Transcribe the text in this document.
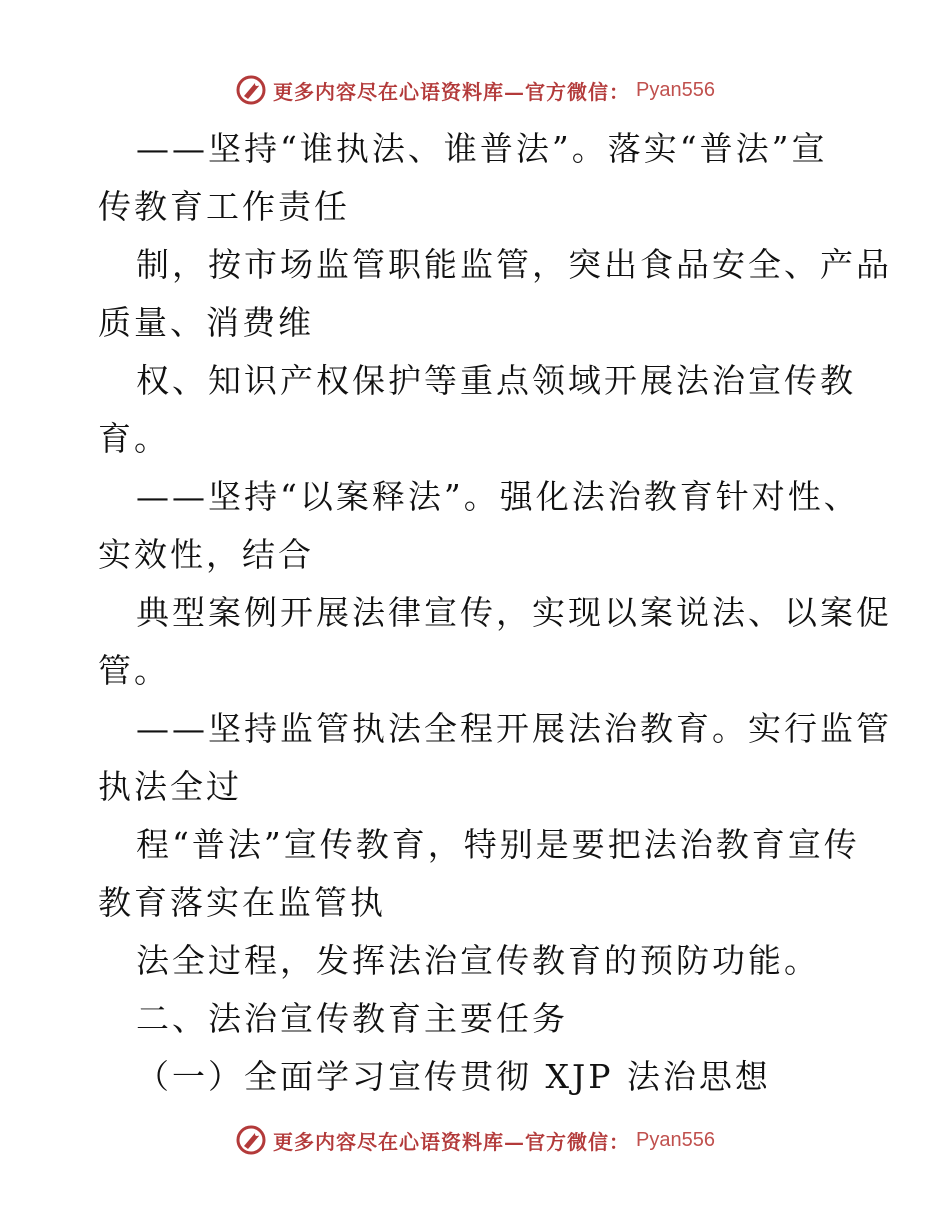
更多内容尽在心语资料库—官方微信： Pyan556
——坚持“谁执法、谁普法”。落实“普法”宣
传教育工作责任
制，按市场监管职能监管，突出食品安全、产品
质量、消费维
权、知识产权保护等重点领域开展法治宣传教
育。
——坚持“以案释法”。强化法治教育针对性、
实效性，结合
典型案例开展法律宣传，实现以案说法、以案促
管。
——坚持监管执法全程开展法治教育。实行监管
执法全过
程“普法”宣传教育，特别是要把法治教育宣传
教育落实在监管执
法全过程，发挥法治宣传教育的预防功能。
二、法治宣传教育主要任务
（一）全面学习宣传贯彻 XJP 法治思想
更多内容尽在心语资料库—官方微信： Pyan556
